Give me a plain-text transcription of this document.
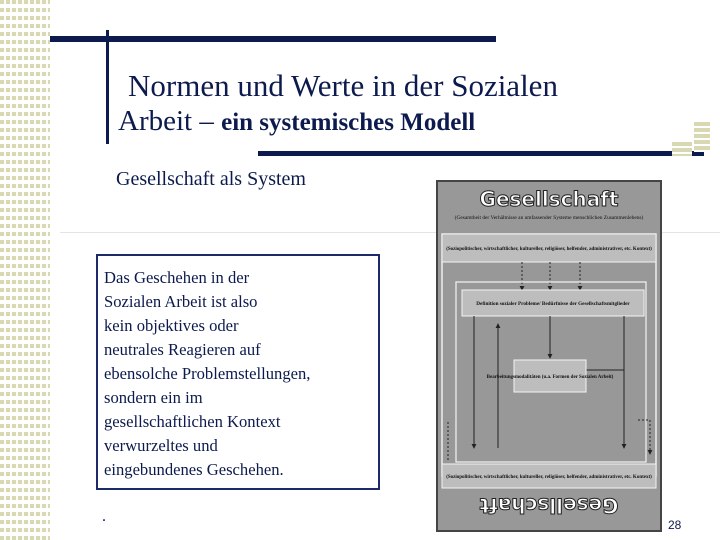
Normen und Werte in der Sozialen
Arbeit – ein systemisches Modell
Gesellschaft als System
Das Geschehen in der
Sozialen Arbeit ist also
kein objektives oder
neutrales Reagieren auf
ebensolche Problemstellungen,
sondern ein im
gesellschaftlichen Kontext
verwurzeltes und
eingebundenes Geschehen.
.
Gesellschaft
(Gesamtheit der Verhältnisse an umfassender Systeme menschlichen Zusammenlebens)
(Soziopolitischer, wirtschaftlicher, kultureller, religiöser, helfender, administrativer, etc. Kontext)
Definition sozialer Probleme/ Bedürfnisse der Gesellschaftsmitglieder
Bearbeitungsmodalitäten (u.a. Formen der Sozialen Arbeit)
(Soziopolitischer, wirtschaftlicher, kultureller, religiöser, helfender, administrativer, etc. Kontext)
Gesellschaft
28
